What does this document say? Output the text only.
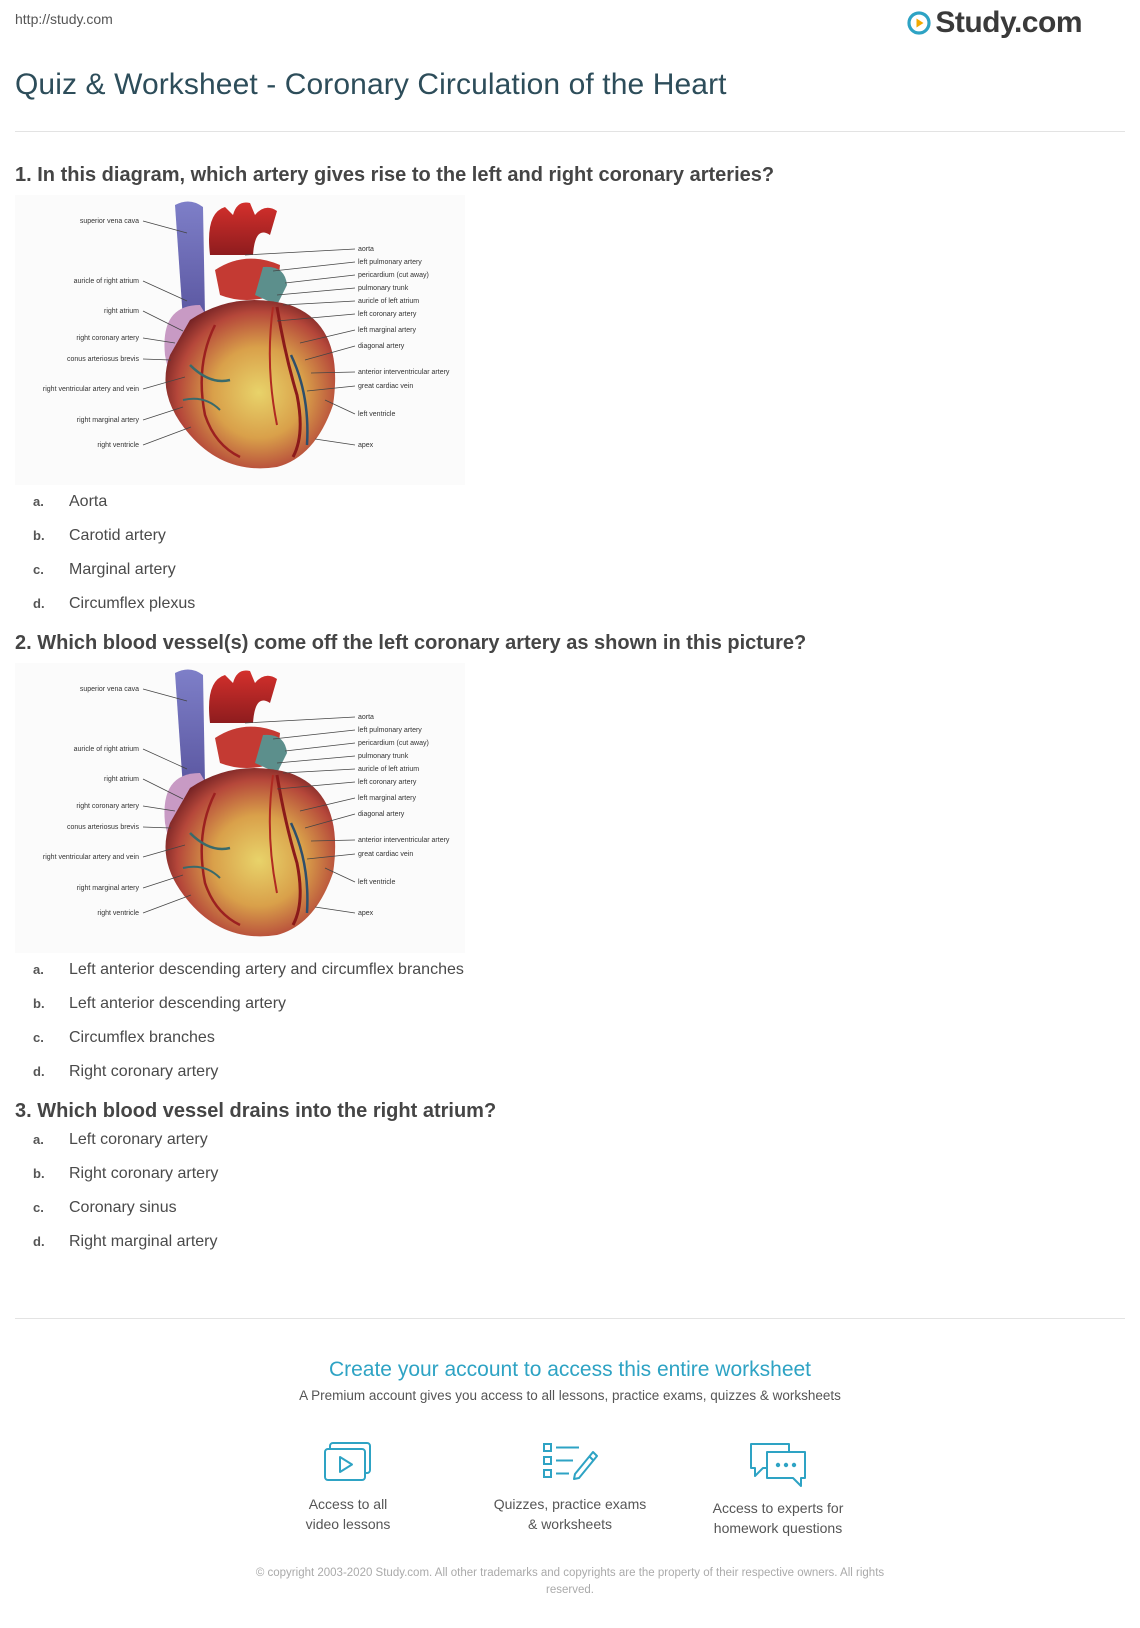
http://study.com	Study.com
Quiz & Worksheet - Coronary Circulation of the Heart
1. In this diagram, which artery gives rise to the left and right coronary arteries?
a.	Aorta
b.	Carotid artery
c.	Marginal artery
d.	Circumflex plexus
2. Which blood vessel(s) come off the left coronary artery as shown in this picture?
a.	Left anterior descending artery and circumflex branches
b.	Left anterior descending artery
c.	Circumflex branches
d.	Right coronary artery
3. Which blood vessel drains into the right atrium?
a.	Left coronary artery
b.	Right coronary artery
c.	Coronary sinus
d.	Right marginal artery
Create your account to access this entire worksheet
A Premium account gives you access to all lessons, practice exams, quizzes & worksheets
Access to all
video lessons
Quizzes, practice exams
& worksheets
Access to experts for
homework questions
© copyright 2003-2020 Study.com. All other trademarks and copyrights are the property of their respective owners. All rights
reserved.
